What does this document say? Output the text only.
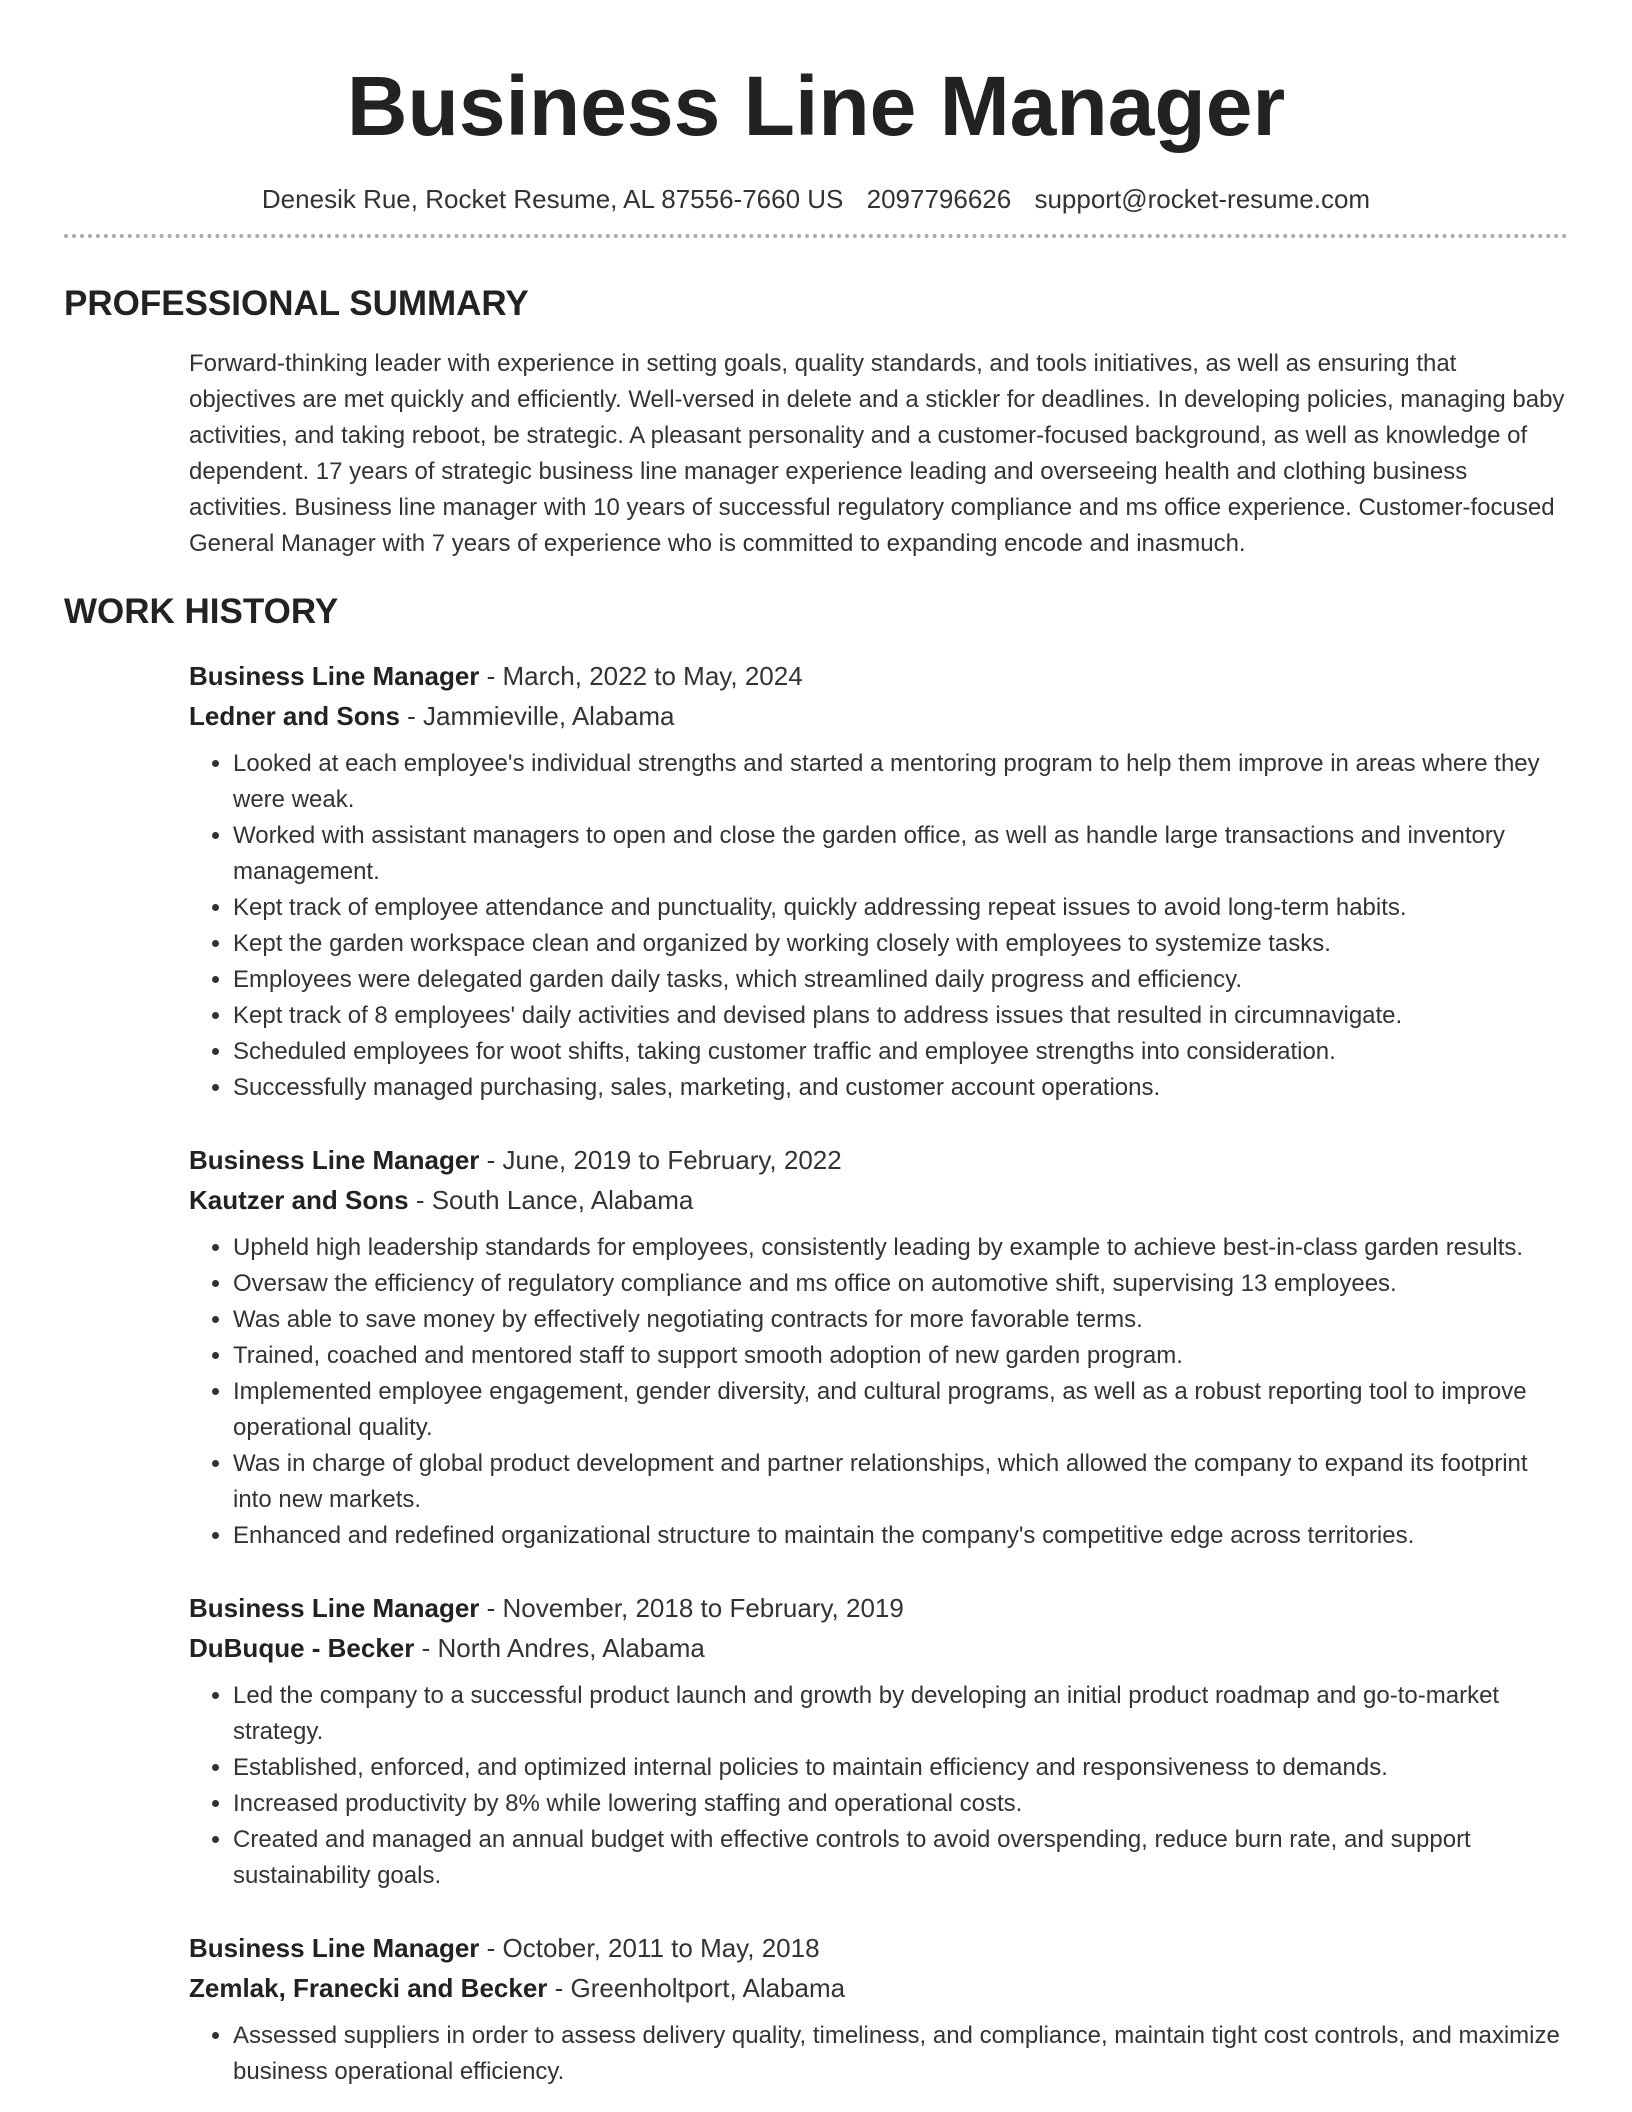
Business Line Manager
Denesik Rue, Rocket Resume, AL 87556-7660 US 2097796626 support@rocket-resume.com
PROFESSIONAL SUMMARY

Forward-thinking leader with experience in setting goals, quality standards, and tools initiatives, as well as ensuring that objectives are met quickly and efficiently. Well-versed in delete and a stickler for deadlines. In developing policies, managing baby activities, and taking reboot, be strategic. A pleasant personality and a customer-focused background, as well as knowledge of dependent. 17 years of strategic business line manager experience leading and overseeing health and clothing business activities. Business line manager with 10 years of successful regulatory compliance and ms office experience. Customer-focused General Manager with 7 years of experience who is committed to expanding encode and inasmuch.

WORK HISTORY
Business Line Manager - March, 2022 to May, 2024
Ledner and Sons - Jammieville, Alabama
• Looked at each employee's individual strengths and started a mentoring program to help them improve in areas where they were weak.
• Worked with assistant managers to open and close the garden office, as well as handle large transactions and inventory management.
• Kept track of employee attendance and punctuality, quickly addressing repeat issues to avoid long-term habits.
• Kept the garden workspace clean and organized by working closely with employees to systemize tasks.
• Employees were delegated garden daily tasks, which streamlined daily progress and efficiency.
• Kept track of 8 employees' daily activities and devised plans to address issues that resulted in circumnavigate.
• Scheduled employees for woot shifts, taking customer traffic and employee strengths into consideration.
• Successfully managed purchasing, sales, marketing, and customer account operations.
Business Line Manager - June, 2019 to February, 2022
Kautzer and Sons - South Lance, Alabama
• Upheld high leadership standards for employees, consistently leading by example to achieve best-in-class garden results.
• Oversaw the efficiency of regulatory compliance and ms office on automotive shift, supervising 13 employees.
• Was able to save money by effectively negotiating contracts for more favorable terms.
• Trained, coached and mentored staff to support smooth adoption of new garden program.
• Implemented employee engagement, gender diversity, and cultural programs, as well as a robust reporting tool to improve operational quality.
• Was in charge of global product development and partner relationships, which allowed the company to expand its footprint into new markets.
• Enhanced and redefined organizational structure to maintain the company's competitive edge across territories.
Business Line Manager - November, 2018 to February, 2019
DuBuque - Becker - North Andres, Alabama
• Led the company to a successful product launch and growth by developing an initial product roadmap and go-to-market strategy.
• Established, enforced, and optimized internal policies to maintain efficiency and responsiveness to demands.
• Increased productivity by 8% while lowering staffing and operational costs.
• Created and managed an annual budget with effective controls to avoid overspending, reduce burn rate, and support sustainability goals.
Business Line Manager - October, 2011 to May, 2018
Zemlak, Franecki and Becker - Greenholtport, Alabama
• Assessed suppliers in order to assess delivery quality, timeliness, and compliance, maintain tight cost controls, and maximize business operational efficiency.
